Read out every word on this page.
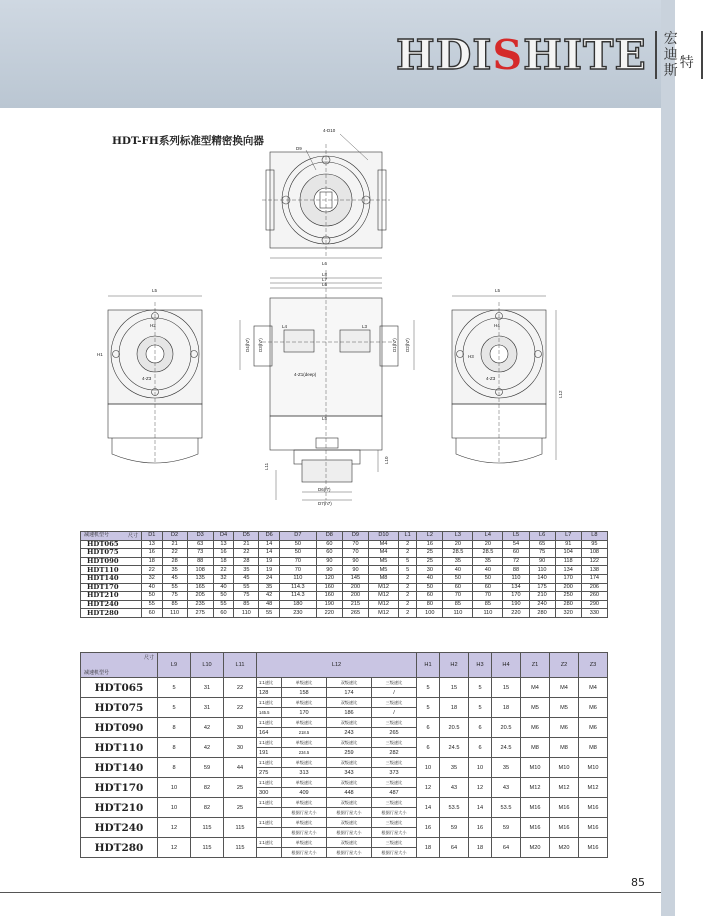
HDISHITE 宏
迪
斯 特
HDT-FH系列标准型精密换向器
4-D10
D9
L6
L5
H2
H1
4-Z3
L8
L7
L6
L4	L3
D3(h7)
D4(h7)	D1(h7) D2(h7)
4-Z1(deep)
L5
L11
L10
D6(f7)
D7(h7)
L5
H4
H3
4-Z3
L12
尺寸
减速机型号	D1	D2	D3	D4	D5	D6	D7	D8	D9	D10	L1	L2	L3	L4	L5	L6	L7	L8
HDT065	13	21	63	13	21	14	50	60	70	M4	2	16	20	20	54	65	91	95
HDT075	16	22	73	16	22	14	50	60	70	M4	2	25	28.5	28.5	60	75	104	108
HDT090	18	28	88	18	28	19	70	90	90	M5	5	25	35	35	72	90	118	122
HDT110	22	35	108	22	35	19	70	90	90	M5	5	30	40	40	88	110	134	138
HDT140	32	45	135	32	45	24	110	120	145	M8	2	40	50	50	110	140	170	174
HDT170	40	55	165	40	55	35	114.3	160	200	M12	2	50	60	60	134	175	200	206
HDT210	50	75	205	50	75	42	114.3	160	200	M12	2	60	70	70	170	210	250	260
HDT240	55	85	235	55	85	48	180	190	215	M12	2	80	85	85	190	240	280	290
HDT280	60	110	275	60	110	55	230	220	265	M12	2	100	110	110	220	280	320	330
尺寸
减速机型号	L9	L10	L11	L12				H1	H2	H3	H4	Z1	Z2	Z3
HDT065	5	31	22	1:1速比	单级速比	双级速比	三级速比	5	15	5	15	M4	M4	M4
				128	158	174	/							
HDT075	5	31	22	1:1速比	单级速比	双级速比	三级速比	5	18	5	18	M5	M5	M6
				145.5	170	186	/							
HDT090	8	42	30	1:1速比	单级速比	双级速比	三级速比	6	20.5	6	20.5	M6	M6	M6
				164	218.5	243	265							
HDT110	8	42	30	1:1速比	单级速比	双级速比	三级速比	6	24.5	6	24.5	M8	M8	M8
				191	234.5	259	282							
HDT140	8	59	44	1:1速比	单级速比	双级速比	三级速比	10	35	10	35	M10	M10	M10
				275	313	343	373							
HDT170	10	82	25	1:1速比	单级速比	双级速比	三级速比	12	43	12	43	M12	M12	M12
				300	409	448	487							
HDT210	10	82	25	1:1速比	单级速比	双级速比	三级速比	14	53.5	14	53.5	M16	M16	M16
					根据行星大小	根据行星大小	根据行星大小							
HDT240	12	115	115	1:1速比	单级速比	双级速比	三级速比	16	59	16	59	M16	M16	M16
					根据行星大小	根据行星大小	根据行星大小							
HDT280	12	115	115	1:1速比	单级速比	双级速比	三级速比	18	64	18	64	M20	M20	M16
					根据行星大小	根据行星大小	根据行星大小							
85
